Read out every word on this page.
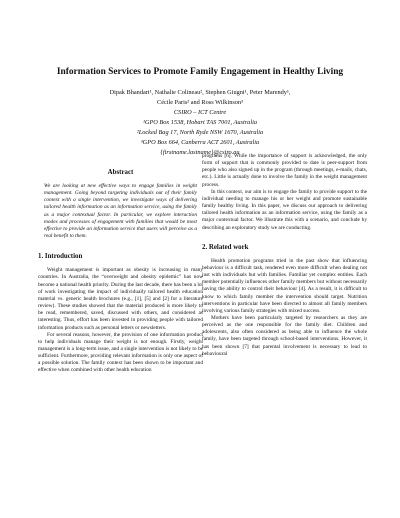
Information Services to Promote Family Engagement in Healthy Living
Dipak Bhandari¹, Nathalie Colineau², Stephen Giugni¹, Peter Marendy¹,
Cécile Paris² and Ross Wilkinson³
CSIRO – ICT Centre
¹GPO Box 1538, Hobart TAS 7001, Australia
²Locked Bag 17, North Ryde NSW 1670, Australia
³GPO Box 664, Canberra ACT 2601, Australia
{firstname.lastname}@csiro.au
Abstract

We are looking at new effective ways to engage families in weight management. Going beyond targeting individuals out of their family context with a single intervention, we investigate ways of delivering tailored health information as an information service, using the family as a major contextual factor. In particular, we explore interaction modes and processes of engagement with families that would be most effective to provide an information service that users will perceive as a real benefit to them.

1. Introduction

Weight management is important as obesity is increasing in many countries. In Australia, the “overweight and obesity epidemic” has now become a national health priority. During the last decade, there has been a lot of work investigating the impact of individually tailored health education material vs. generic health brochures (e.g., [1], [5] and [2] for a literature review). These studies showed that the material produced is more likely to be read, remembered, saved, discussed with others, and considered as interesting. Thus, effort has been invested in providing people with tailored information products such as personal letters or newsletters.

For several reasons, however, the provision of one information product to help individuals manage their weight is not enough. Firstly, weight management is a long-term issue, and a single intervention is not likely to be sufficient. Furthermore, providing relevant information is only one aspect of a possible solution. The family context has been shown to be important and effective when combined with other health education

programs [6]. While the importance of support is acknowledged, the only form of support that is commonly provided to date is peer-support from people who also signed up in the program (through meetings, e-mails, chats, etc.). Little is actually done to involve the family in the weight management process.

In this context, our aim is to engage the family to provide support to the individual needing to manage his or her weight and promote sustainable family healthy living. In this paper, we discuss our approach to delivering tailored health information as an information service, using the family as a major contextual factor. We illustrate this with a scenario, and conclude by describing an exploratory study we are conducting.

2. Related work

Health promotion programs tried in the past show that influencing behaviour is a difficult task, rendered even more difficult when dealing not just with individuals but with families. Familiar yet complex entities. Each member potentially influences other family members but without necessarily having the ability to control their behaviour [4]. As a result, it is difficult to know to which family member the intervention should target. Nutrition interventions in particular have been directed to almost all family members involving various family strategies with mixed success.

Mothers have been particularly targeted by researchers as they are perceived as the one responsible for the family diet. Children and adolescents, also often considered as being able to influence the whole family, have been targeted through school-based interventions. However, it has been shown [7] that parental involvement is necessary to lead to behavioural
